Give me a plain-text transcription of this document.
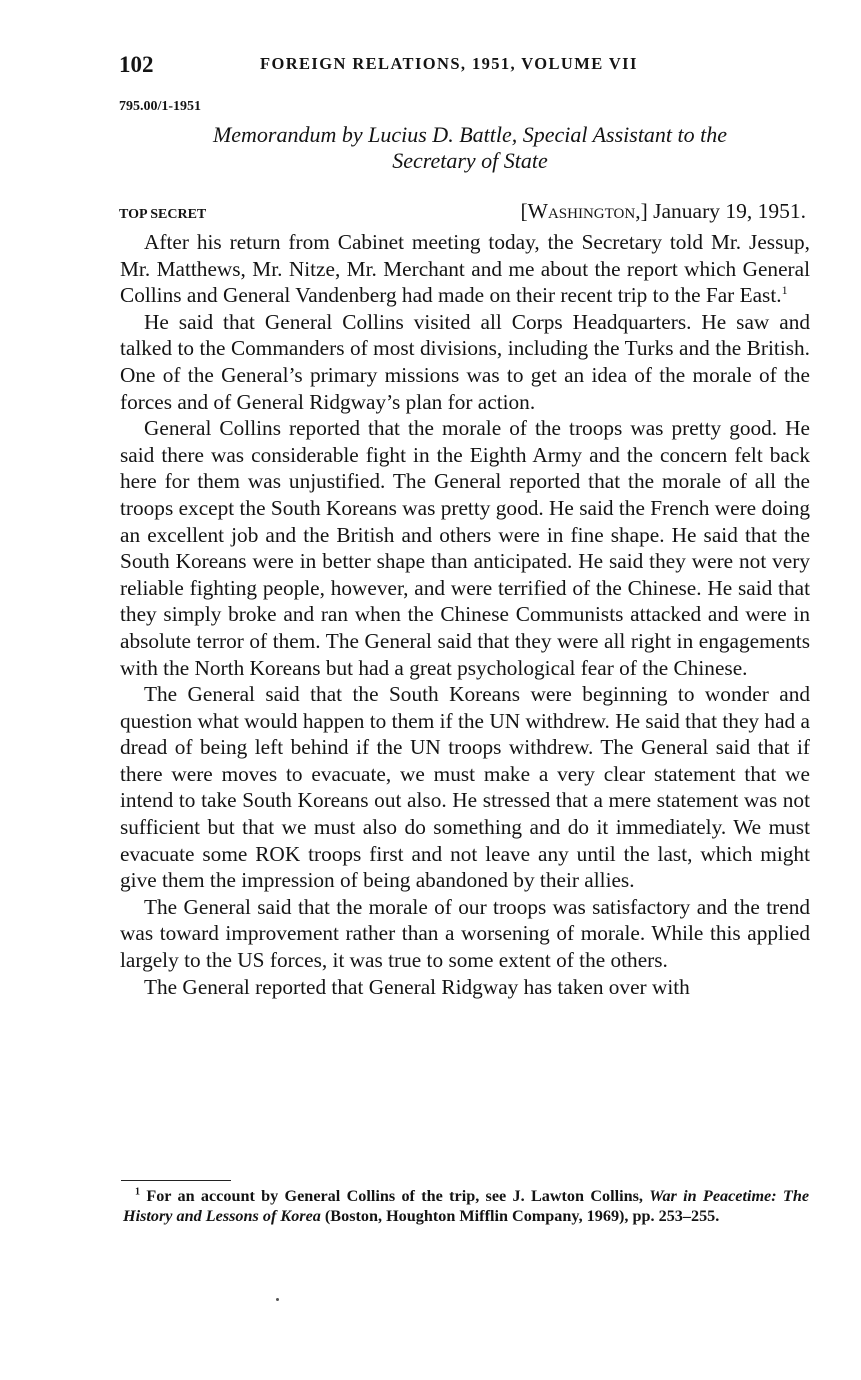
102	FOREIGN RELATIONS, 1951, VOLUME VII
795.00/1-1951
Memorandum by Lucius D. Battle, Special Assistant to the
Secretary of State
TOP SECRET	[Washington,] January 19, 1951.

After his return from Cabinet meeting today, the Secretary told Mr. Jessup, Mr. Matthews, Mr. Nitze, Mr. Merchant and me about the report which General Collins and General Vandenberg had made on their recent trip to the Far East.$^1$

He said that General Collins visited all Corps Headquarters. He saw and talked to the Commanders of most divisions, including the Turks and the British. One of the General’s primary missions was to get an idea of the morale of the forces and of General Ridgway’s plan for action.

General Collins reported that the morale of the troops was pretty good. He said there was considerable fight in the Eighth Army and the concern felt back here for them was unjustified. The General reported that the morale of all the troops except the South Koreans was pretty good. He said the French were doing an excellent job and the British and others were in fine shape. He said that the South Koreans were in better shape than anticipated. He said they were not very reliable fighting people, however, and were terrified of the Chinese. He said that they simply broke and ran when the Chinese Communists attacked and were in absolute terror of them. The General said that they were all right in engagements with the North Koreans but had a great psychological fear of the Chinese.

The General said that the South Koreans were beginning to wonder and question what would happen to them if the UN withdrew. He said that they had a dread of being left behind if the UN troops withdrew. The General said that if there were moves to evacuate, we must make a very clear statement that we intend to take South Koreans out also. He stressed that a mere statement was not sufficient but that we must also do something and do it immediately. We must evacuate some ROK troops first and not leave any until the last, which might give them the impression of being abandoned by their allies.

The General said that the morale of our troops was satisfactory and the trend was toward improvement rather than a worsening of morale. While this applied largely to the US forces, it was true to some extent of the others.

The General reported that General Ridgway has taken over with

$^1$ For an account by General Collins of the trip, see J. Lawton Collins, War in Peacetime: The History and Lessons of Korea (Boston, Houghton Mifflin Company, 1969), pp. 253–255.
